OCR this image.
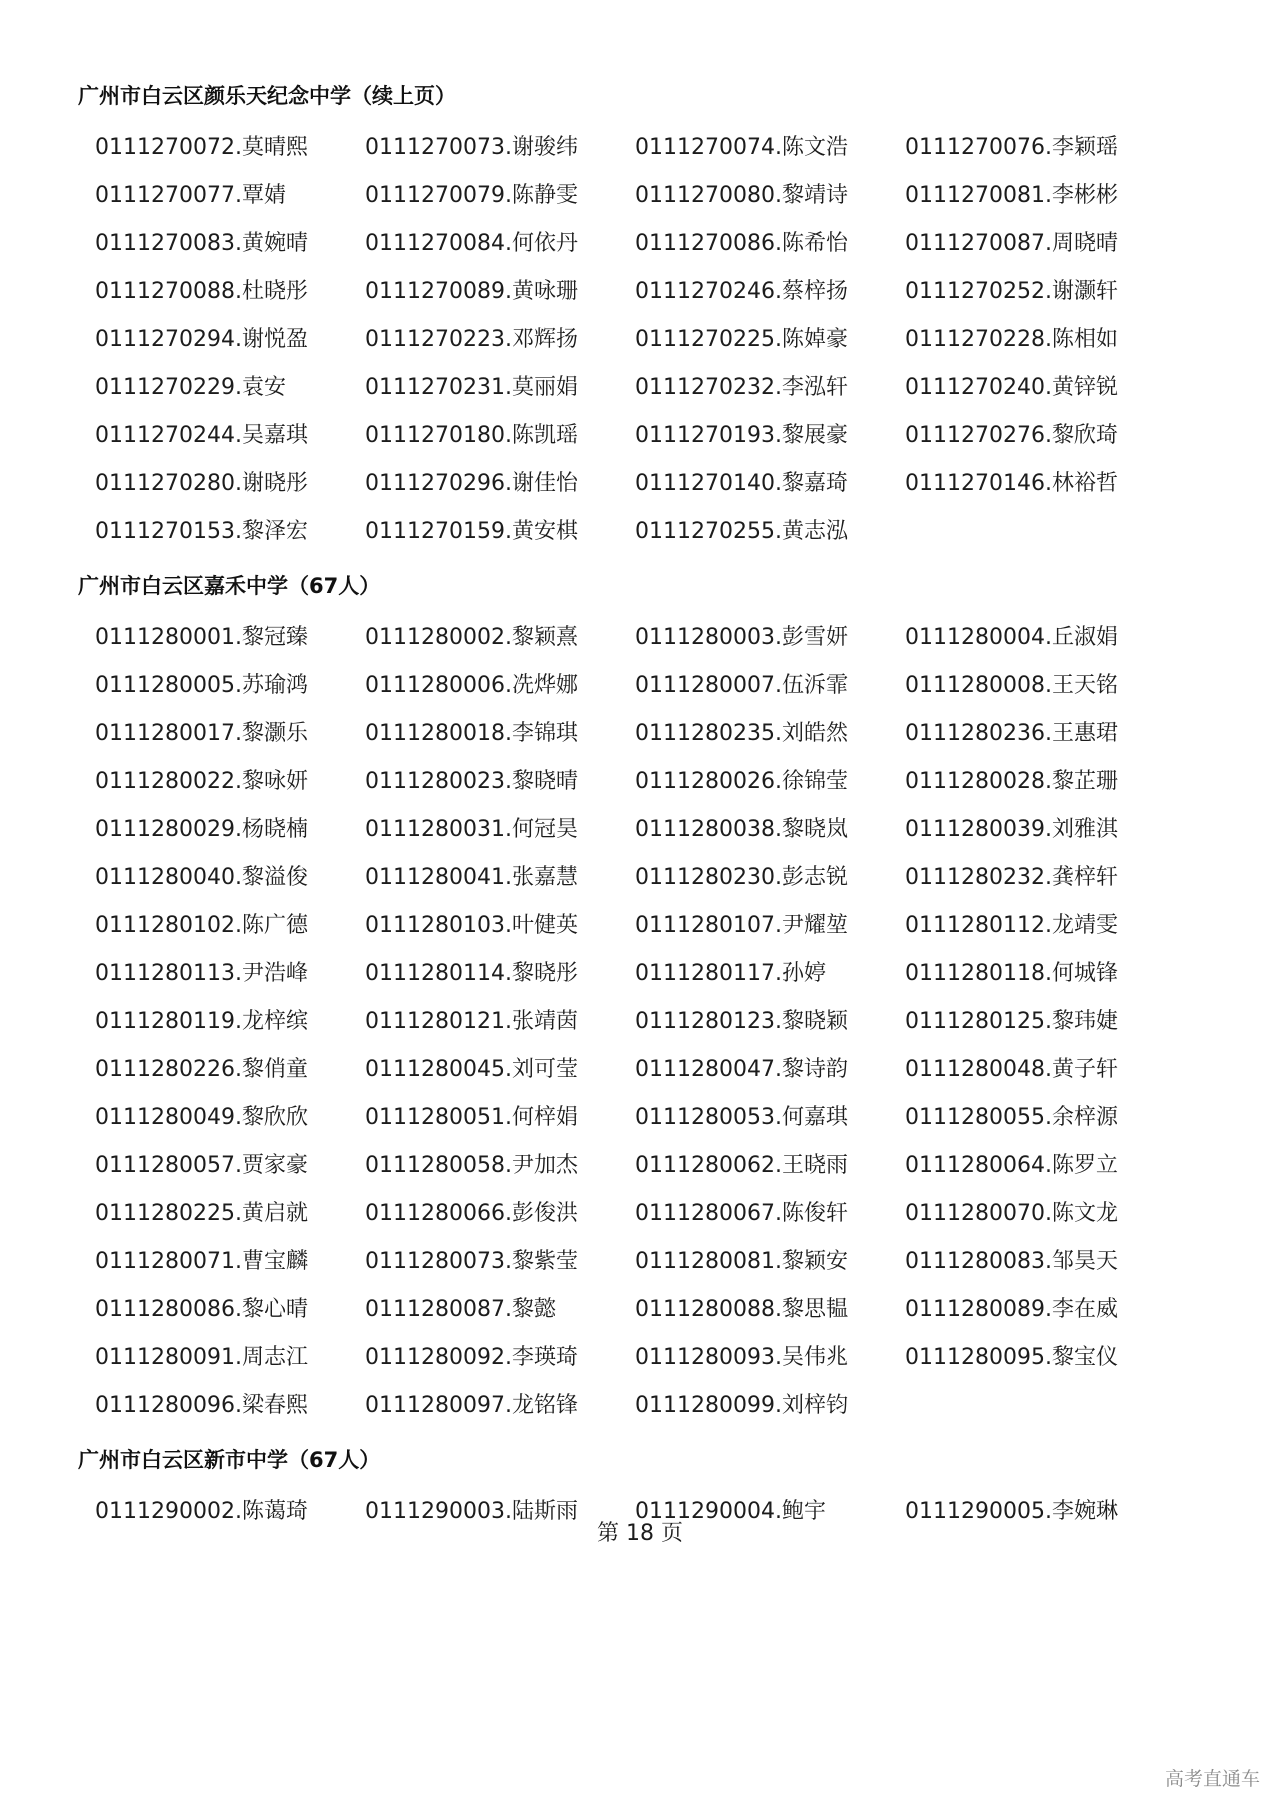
广州市白云区颜乐天纪念中学（续上页）
0111270072.莫晴熙	0111270073.谢骏纬	0111270074.陈文浩	0111270076.李颖瑶
0111270077.覃婧	0111270079.陈静雯	0111270080.黎靖诗	0111270081.李彬彬
0111270083.黄婉晴	0111270084.何依丹	0111270086.陈希怡	0111270087.周晓晴
0111270088.杜晓彤	0111270089.黄咏珊	0111270246.蔡梓扬	0111270252.谢灏轩
0111270294.谢悦盈	0111270223.邓辉扬	0111270225.陈婥豪	0111270228.陈相如
0111270229.袁安	0111270231.莫丽娟	0111270232.李泓轩	0111270240.黄锌锐
0111270244.吴嘉琪	0111270180.陈凯瑶	0111270193.黎展豪	0111270276.黎欣琦
0111270280.谢晓彤	0111270296.谢佳怡	0111270140.黎嘉琦	0111270146.林裕哲
0111270153.黎泽宏	0111270159.黄安棋	0111270255.黄志泓
广州市白云区嘉禾中学（67人）
0111280001.黎冠臻	0111280002.黎颖熹	0111280003.彭雪妍	0111280004.丘淑娟
0111280005.苏瑜鸿	0111280006.冼烨娜	0111280007.伍泝霏	0111280008.王天铭
0111280017.黎灏乐	0111280018.李锦琪	0111280235.刘皓然	0111280236.王惠珺
0111280022.黎咏妍	0111280023.黎晓晴	0111280026.徐锦莹	0111280028.黎芷珊
0111280029.杨晓楠	0111280031.何冠昊	0111280038.黎晓岚	0111280039.刘雅淇
0111280040.黎溢俊	0111280041.张嘉慧	0111280230.彭志锐	0111280232.龚梓轩
0111280102.陈广德	0111280103.叶健英	0111280107.尹耀堃	0111280112.龙靖雯
0111280113.尹浩峰	0111280114.黎晓彤	0111280117.孙婷	0111280118.何城锋
0111280119.龙梓缤	0111280121.张靖茵	0111280123.黎晓颖	0111280125.黎玮婕
0111280226.黎俏童	0111280045.刘可莹	0111280047.黎诗韵	0111280048.黄子轩
0111280049.黎欣欣	0111280051.何梓娟	0111280053.何嘉琪	0111280055.余梓源
0111280057.贾家豪	0111280058.尹加杰	0111280062.王晓雨	0111280064.陈罗立
0111280225.黄启就	0111280066.彭俊洪	0111280067.陈俊轩	0111280070.陈文龙
0111280071.曹宝麟	0111280073.黎紫莹	0111280081.黎颖安	0111280083.邹昊天
0111280086.黎心晴	0111280087.黎懿	0111280088.黎思韫	0111280089.李在威
0111280091.周志江	0111280092.李瑛琦	0111280093.吴伟兆	0111280095.黎宝仪
0111280096.梁春熙	0111280097.龙铭锋	0111280099.刘梓钧
广州市白云区新市中学（67人）
0111290002.陈蔼琦	0111290003.陆斯雨	0111290004.鲍宇	0111290005.李婉琳
第 18 页
高考直通车
